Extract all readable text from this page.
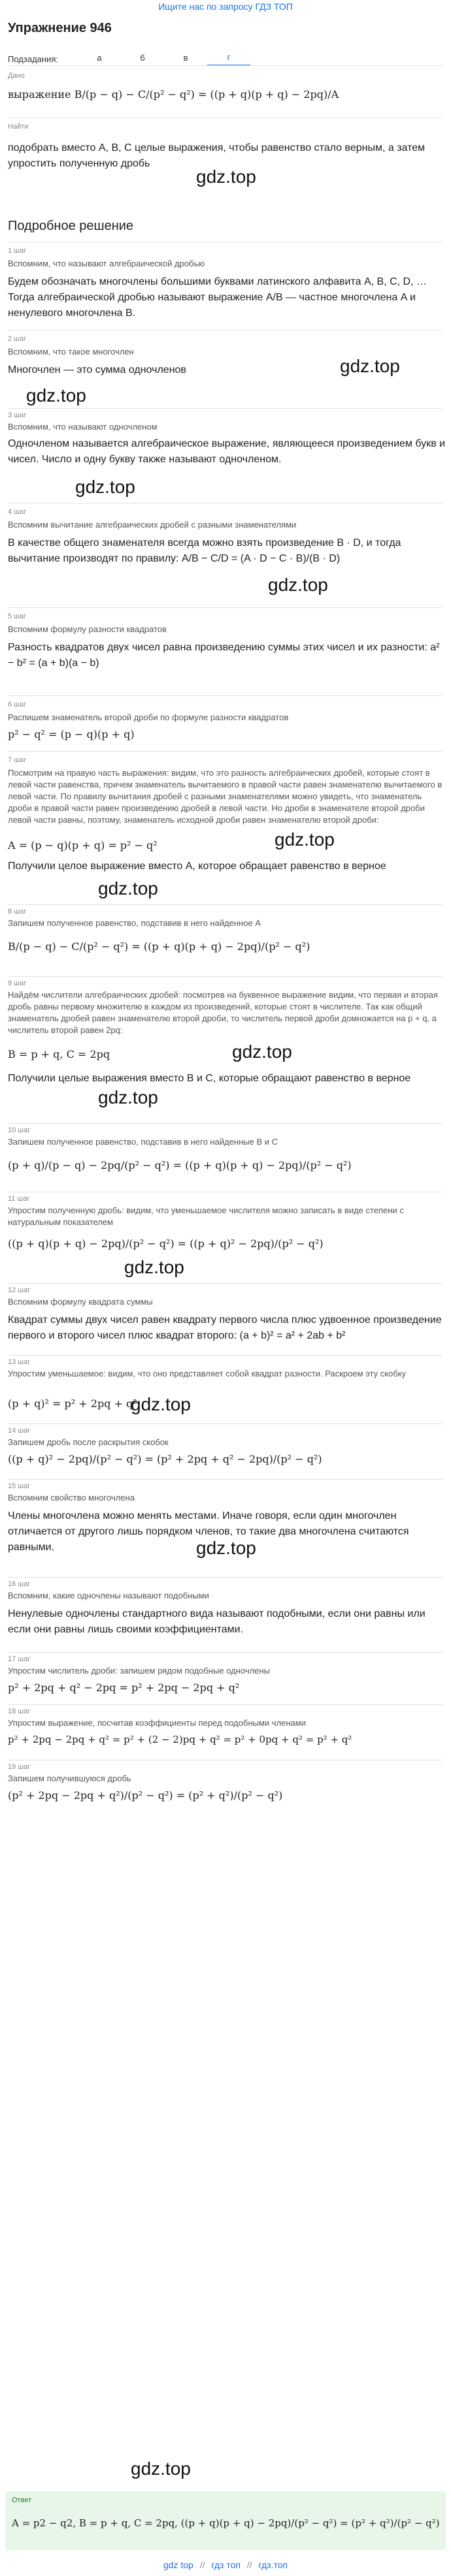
Ищите нас по запросу ГДЗ ТОП
Упражнение 946
Подзадания:	а	б	в	г
Дано
выражение B/(p − q) − C/(p² − q²) = ((p + q)(p + q) − 2pq)/A
Найти
подобрать вместо A, B, C целые выражения, чтобы равенство стало верным, а затем упростить полученную дробь
gdz.top
Подробное решение
1 шаг
Вспомним, что называют алгебраической дробью
Будем обозначать многочлены большими буквами латинского алфавита A, B, C, D, … Тогда алгебраической дробью называют выражение A/B — частное многочлена A и ненулевого многочлена B.
2 шаг
Вспомним, что такое многочлен
Многочлен — это сумма одночленов	gdz.top
gdz.top
3 шаг
Вспомним, что называют одночленом
Одночленом называется алгебраическое выражение, являющееся произведением букв и чисел. Число и одну букву также называют одночленом.
gdz.top
4 шаг
Вспомним вычитание алгебраических дробей с разными знаменателями
В качестве общего знаменателя всегда можно взять произведение B · D, и тогда вычитание производят по правилу: A/B − C/D = (A · D − C · B)/(B · D)
gdz.top
5 шаг
Вспомним формулу разности квадратов
Разность квадратов двух чисел равна произведению суммы этих чисел и их разности: a² − b² = (a + b)(a − b)
6 шаг
Распишем знаменатель второй дроби по формуле разности квадратов
p² − q² = (p − q)(p + q)
7 шаг
Посмотрим на правую часть выражения: видим, что это разность алгебраических дробей, которые стоят в левой части равенства, причем знаменатель вычитаемого в правой части равен знаменателю вычитаемого в левой части. По правилу вычитания дробей с разными знаменателями можно увидеть, что знаменатель дроби в правой части равен произведению дробей в левой части. Но дроби в знаменателе второй дроби левой части равны, поэтому, знаменатель исходной дроби равен знаменателю второй дроби:
A = (p − q)(p + q) = p² − q²	gdz.top
Получили целое выражение вместо A, которое обращает равенство в верное
gdz.top
8 шаг
Запишем полученное равенство, подставив в него найденное A
B/(p − q) − C/(p² − q²) = ((p + q)(p + q) − 2pq)/(p² − q²)
9 шаг
Найдём числители алгебраических дробей: посмотрев на буквенное выражение видим, что первая и вторая дробь равны первому множителю в каждом из произведений, которые стоят в числителе. Так как общий знаменатель дробей равен знаменателю второй дроби, то числитель первой дроби домножается на p + q, а числитель второй равен 2pq:
B = p + q, C = 2pq	gdz.top
Получили целые выражения вместо B и C, которые обращают равенство в верное
gdz.top
10 шаг
Запишем полученное равенство, подставив в него найденные B и C
(p + q)/(p − q) − 2pq/(p² − q²) = ((p + q)(p + q) − 2pq)/(p² − q²)
11 шаг
Упростим полученную дробь: видим, что уменьшаемое числителя можно записать в виде степени с натуральным показателем
((p + q)(p + q) − 2pq)/(p² − q²) = ((p + q)² − 2pq)/(p² − q²)
gdz.top
12 шаг
Вспомним формулу квадрата суммы
Квадрат суммы двух чисел равен квадрату первого числа плюс удвоенное произведение первого и второго чисел плюс квадрат второго: (a + b)² = a² + 2ab + b²
13 шаг
Упростим уменьшаемое: видим, что оно представляет собой квадрат разности. Раскроем эту скобку
(p + q)² = p² + 2pq + q²
gdz.top
14 шаг
Запишем дробь после раскрытия скобок
((p + q)² − 2pq)/(p² − q²) = (p² + 2pq + q² − 2pq)/(p² − q²)
15 шаг
Вспомним свойство многочлена
Члены многочлена можно менять местами. Иначе говоря, если один многочлен отличается от другого лишь порядком членов, то такие два многочлена считаются равными.	gdz.top
16 шаг
Вспомним, какие одночлены называют подобными
Ненулевые одночлены стандартного вида называют подобными, если они равны или если они равны лишь своими коэффициентами.
17 шаг
Упростим числитель дроби: запишем рядом подобные одночлены
p² + 2pq + q² − 2pq = p² + 2pq − 2pq + q²
18 шаг
Упростим выражение, посчитав коэффициенты перед подобными членами
p² + 2pq − 2pq + q² = p² + (2 − 2)pq + q² = p² + 0pq + q² = p² + q²
19 шаг
Запишем получившуюся дробь
(p² + 2pq − 2pq + q²)/(p² − q²) = (p² + q²)/(p² − q²)
gdz.top
Ответ
A = p2 − q2, B = p + q, C = 2pq, ((p + q)(p + q) − 2pq)/(p² − q²) = (p² + q²)/(p² − q²)
gdz top // гдз топ // гдз.топ
